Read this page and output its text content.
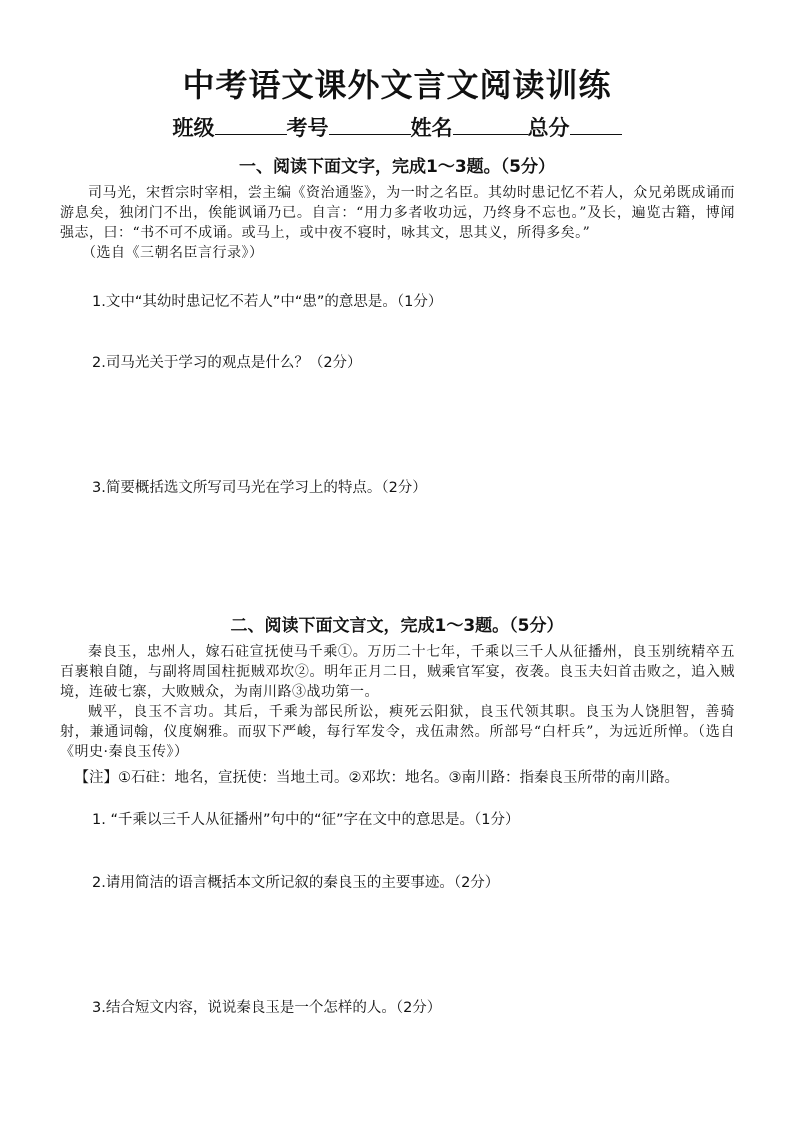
中考语文课外文言文阅读训练
班级	考号	姓名	总分
一、阅读下面文字，完成1～3题。（5分）

司马光，宋哲宗时宰相，尝主编《资治通鉴》，为一时之名臣。其幼时患记忆不若人，众兄弟既成诵而游息矣，独闭门不出，俟能讽诵乃已。自言：“用力多者收功远，乃终身不忘也。”及长，遍览古籍，博闻强志，曰：“书不可不成诵。或马上，或中夜不寝时，咏其文，思其义，所得多矣。”

（选自《三朝名臣言行录》）

1.文中“其幼时患记忆不若人”中“患”的意思是。（1分）
2.司马光关于学习的观点是什么？（2分）
3.简要概括选文所写司马光在学习上的特点。（2分）
二、阅读下面文言文，完成1～3题。（5分）

秦良玉，忠州人，嫁石砫宣抚使马千乘①。万历二十七年，千乘以三千人从征播州，良玉别统精卒五百裹粮自随，与副将周国柱扼贼邓坎②。明年正月二日，贼乘官军宴，夜袭。良玉夫妇首击败之，追入贼境，连破七寨，大败贼众，为南川路③战功第一。

贼平，良玉不言功。其后，千乘为部民所讼，瘐死云阳狱，良玉代领其职。良玉为人饶胆智，善骑射，兼通词翰，仪度娴雅。而驭下严峻，每行军发令，戎伍肃然。所部号“白杆兵”，为远近所惮。（选自《明史·秦良玉传》）

【注】①石砫：地名，宣抚使：当地土司。②邓坎：地名。③南川路：指秦良玉所带的南川路。
1. “千乘以三千人从征播州”句中的“征”字在文中的意思是。（1分）
2.请用简洁的语言概括本文所记叙的秦良玉的主要事迹。（2分）
3.结合短文内容，说说秦良玉是一个怎样的人。（2分）
